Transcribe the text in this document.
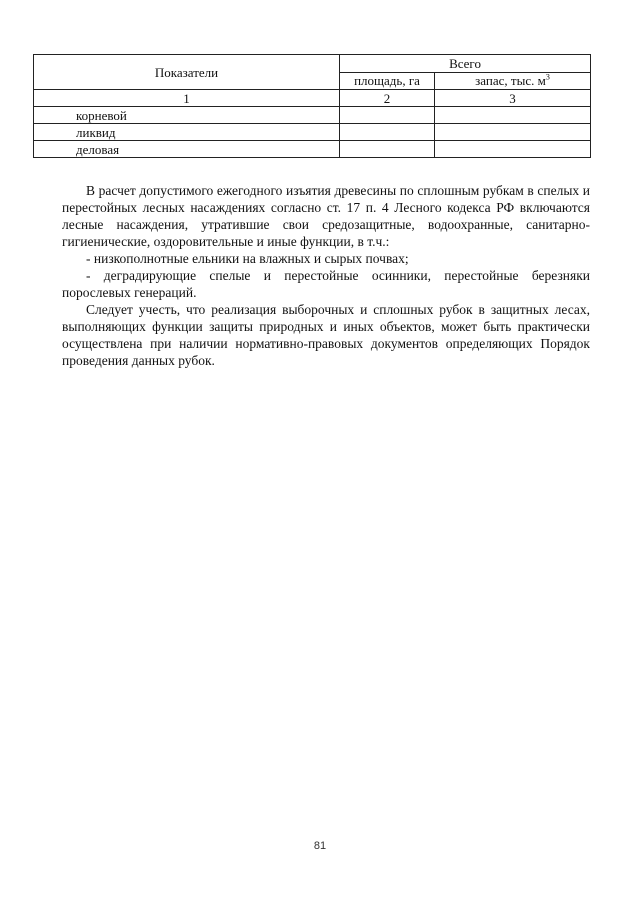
Показатели	Всего	
	площадь, га	запас, тыс. $м^3$
1	2	3
корневой		
ликвид		
деловая		

В расчет допустимого ежегодного изъятия древесины по сплошным рубкам в спелых и перестойных лесных насаждениях согласно ст. 17 п. 4 Лесного кодекса РФ включаются лесные насаждения, утратившие свои средозащитные, водоохранные, санитарно-гигиенические, оздоровительные и иные функции, в т.ч.:

- низкополнотные ельники на влажных и сырых почвах;

- деградирующие спелые и перестойные осинники, перестойные березняки порослевых генераций.

Следует учесть, что реализация выборочных и сплошных рубок в защитных лесах, выполняющих функции защиты природных и иных объектов, может быть практически осуществлена при наличии нормативно-правовых документов определяющих Порядок проведения данных рубок.

81
